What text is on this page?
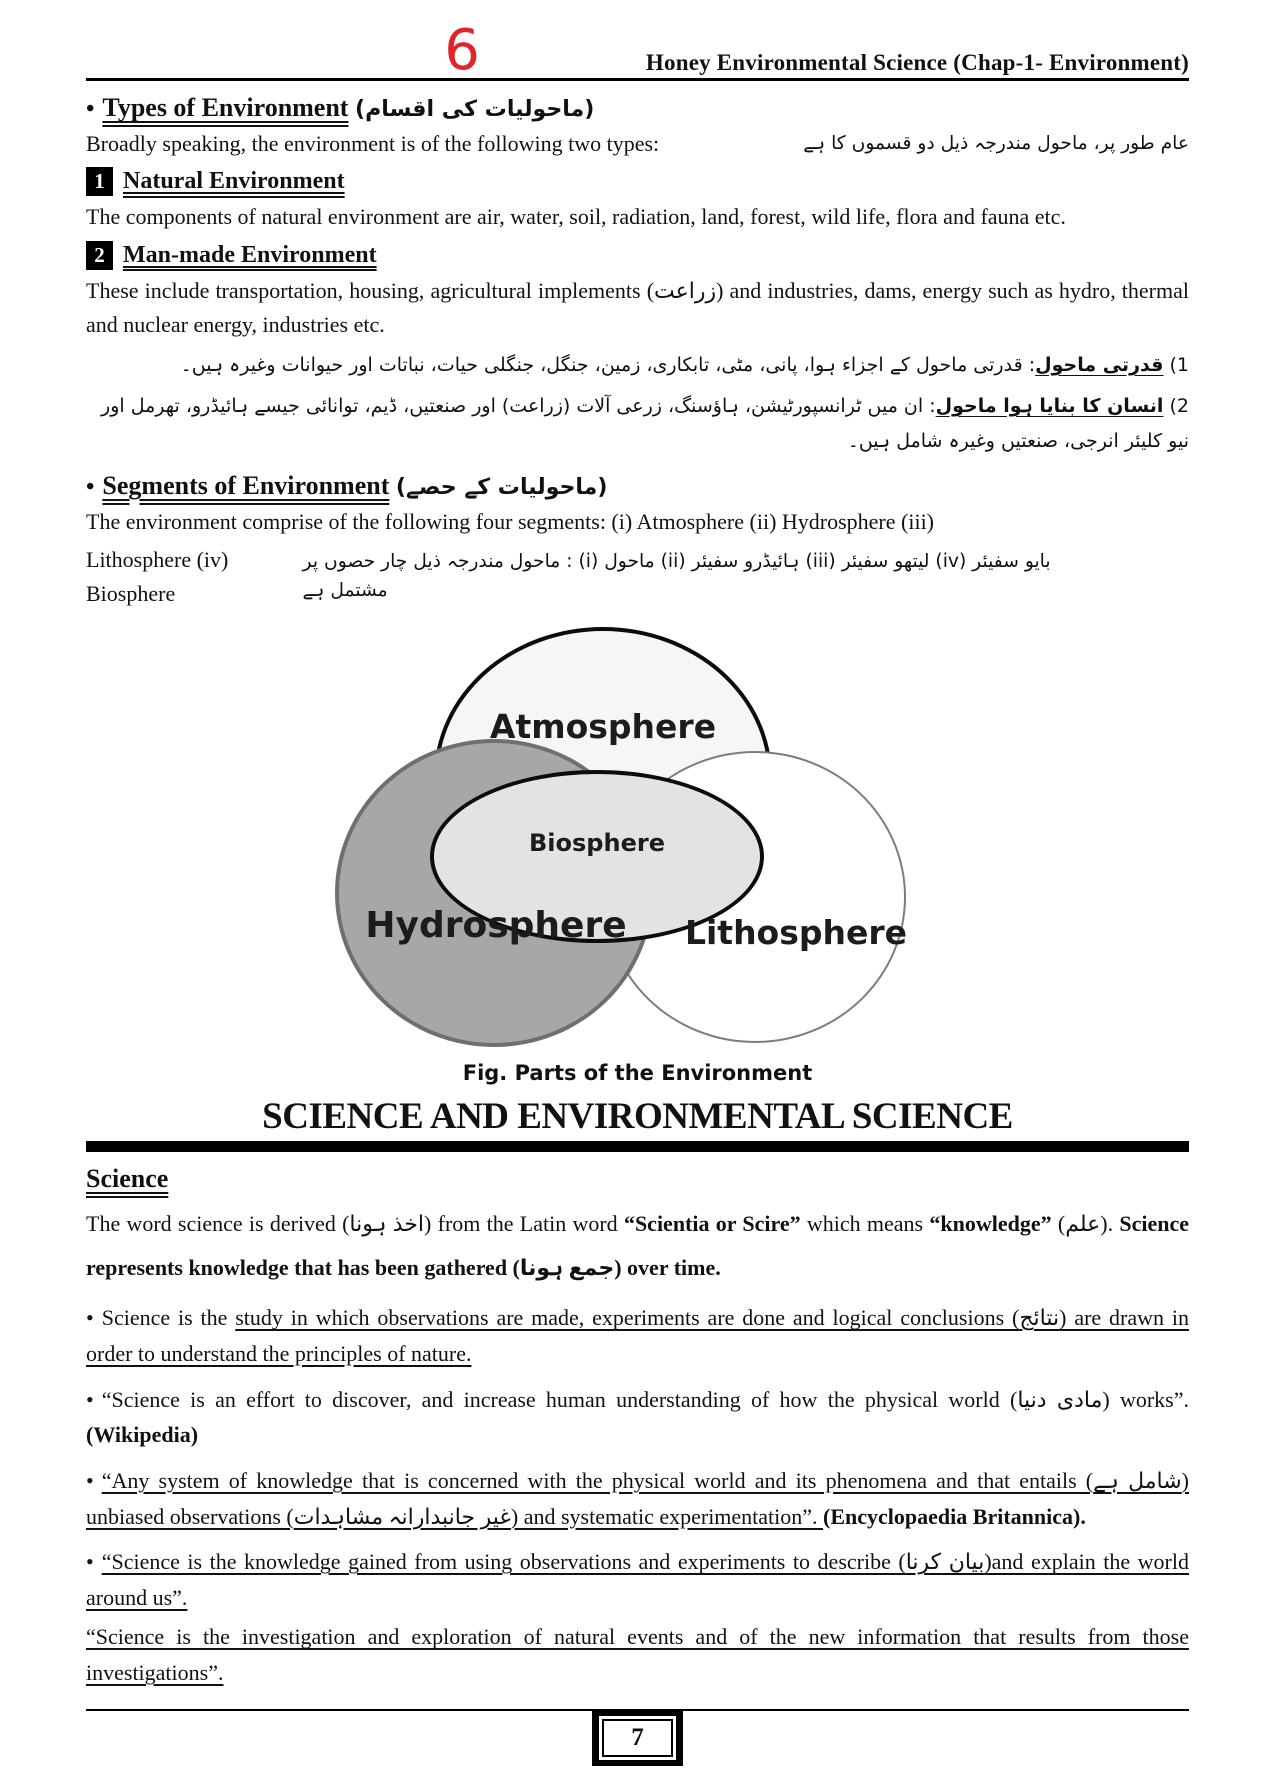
6	Honey Environmental Science (Chap-1- Environment)
• Types of Environment (ماحولیات کی اقسام)
Broadly speaking, the environment is of the following two types:	عام طور پر، ماحول مندرجہ ذیل دو قسموں کا ہے
1 Natural Environment

The components of natural environment are air, water, soil, radiation, land, forest, wild life, flora and fauna etc.

2 Man-made Environment

These include transportation, housing, agricultural implements (زراعت) and industries, dams, energy such as hydro, thermal and nuclear energy, industries etc.

1) قدرتی ماحول: قدرتی ماحول کے اجزاء ہوا، پانی، مٹی، تابکاری، زمین، جنگل، جنگلی حیات، نباتات اور حیوانات وغیرہ ہیں۔

2) انسان کا بنایا ہوا ماحول: ان میں ٹرانسپورٹیشن، ہاؤسنگ، زرعی آلات (زراعت) اور صنعتیں، ڈیم، توانائی جیسے ہائیڈرو، تھرمل اور نیو کلیئر انرجی، صنعتیں وغیرہ شامل ہیں۔

• Segments of Environment (ماحولیات کے حصے)

The environment comprise of the following four segments: (i) Atmosphere (ii) Hydrosphere (iii)

Lithosphere (iv) Biosphere
بایو سفیئر (iv) لیتھو سفیئر (iii) ہائیڈرو سفیئر (ii) ماحول (i) : ماحول مندرجہ ذیل چار حصوں پر مشتمل ہے
Atmosphere
Hydrosphere	Lithosphere
Biosphere
Fig. Parts of the Environment
SCIENCE AND ENVIRONMENTAL SCIENCE
Science

The word science is derived (اخذ ہونا) from the Latin word “Scientia or Scire” which means “knowledge” (علم). Science represents knowledge that has been gathered (جمع ہونا) over time.

• Science is the study in which observations are made, experiments are done and logical conclusions (نتائج) are drawn in order to understand the principles of nature.

• “Science is an effort to discover, and increase human understanding of how the physical world (مادی دنیا) works”. (Wikipedia)

• “Any system of knowledge that is concerned with the physical world and its phenomena and that entails (شامل ہے) unbiased observations (غیر جانبدارانہ مشاہدات) and systematic experimentation”. (Encyclopaedia Britannica).

• “Science is the knowledge gained from using observations and experiments to describe (بیان کرنا)and explain the world around us”.

“Science is the investigation and exploration of natural events and of the new information that results from those investigations”.

7
